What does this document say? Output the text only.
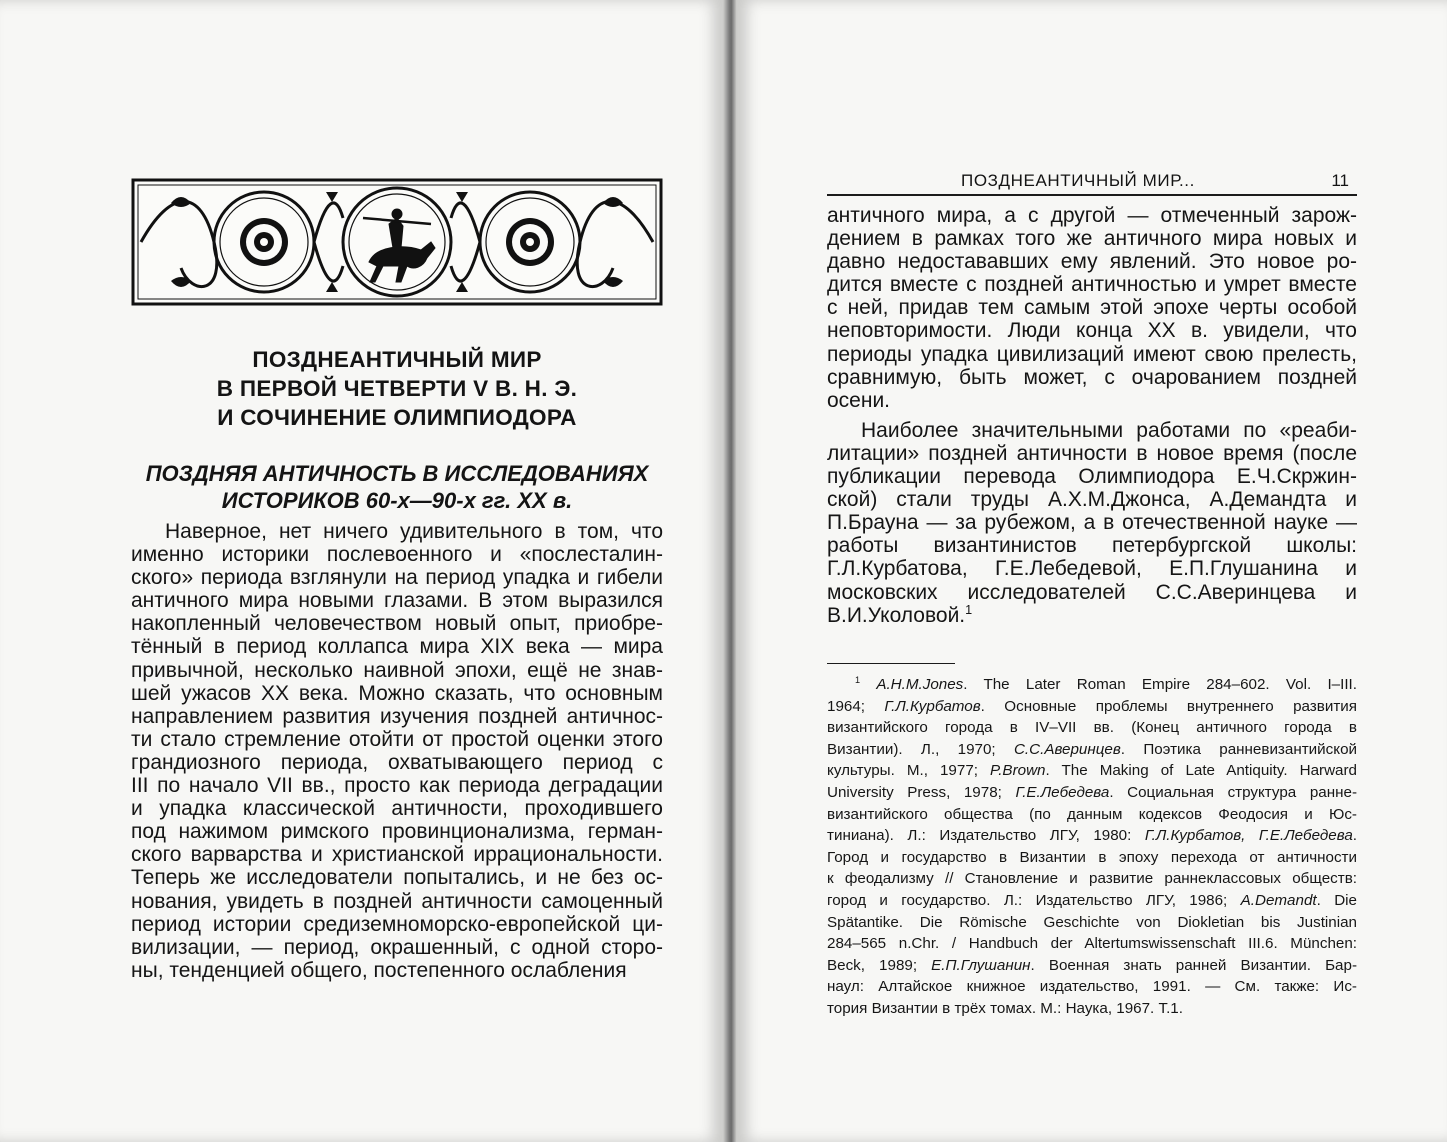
ПОЗДНЕАНТИЧНЫЙ МИР
В ПЕРВОЙ ЧЕТВЕРТИ V В. Н. Э.
И СОЧИНЕНИЕ ОЛИМПИОДОРА
ПОЗДНЯЯ АНТИЧНОСТЬ В ИССЛЕДОВАНИЯХ
ИСТОРИКОВ 60-х—90-х гг. ХХ в.

Наверное, нет ничего удивительного в том, что
именно историки послевоенного и «послесталин-
ского» периода взглянули на период упадка и гибели
античного мира новыми глазами. В этом выразился
накопленный человечеством новый опыт, приобре-
тённый в период коллапса мира XIX века — мира
привычной, несколько наивной эпохи, ещё не знав-
шей ужасов ХХ века. Можно сказать, что основным
направлением развития изучения поздней античнос-
ти стало стремление отойти от простой оценки этого
грандиозного периода, охватывающего период с
III по начало VII вв., просто как периода деградации
и упадка классической античности, проходившего
под нажимом римского провинционализма, герман-
ского варварства и христианской иррациональности.
Теперь же исследователи попытались, и не без ос-
нования, увидеть в поздней античности самоценный
период истории средиземноморско-европейской ци-
вилизации, — период, окрашенный, с одной сторо-
ны, тенденцией общего, постепенного ослабления

ПОЗДНЕАНТИЧНЫЙ МИР...	11

античного мира, а с другой — отмеченный зарож-
дением в рамках того же античного мира новых и
давно недостававших ему явлений. Это новое ро-
дится вместе с поздней античностью и умрет вместе
с ней, придав тем самым этой эпохе черты особой
неповторимости. Люди конца ХХ в. увидели, что
периоды упадка цивилизаций имеют свою прелесть,
сравнимую, быть может, с очарованием поздней
осени.

Наиболее значительными работами по «реаби-
литации» поздней античности в новое время (после
публикации перевода Олимпиодора Е.Ч.Скржин-
ской) стали труды А.Х.М.Джонса, А.Демандта и
П.Брауна — за рубежом, а в отечественной науке —
работы византинистов петербургской школы:
Г.Л.Курбатова, Г.Е.Лебедевой, Е.П.Глушанина и
московских исследователей С.С.Аверинцева и
В.И.Уколовой.$^1$

$^1$ A.H.M.Jones. The Later Roman Empire 284–602. Vol. I–III.
1964; Г.Л.Курбатов. Основные проблемы внутреннего развития
византийского города в IV–VII вв. (Конец античного города в
Византии). Л., 1970; С.С.Аверинцев. Поэтика ранневизантийской
культуры. М., 1977; P.Brown. The Making of Late Antiquity. Harward
University Press, 1978; Г.Е.Лебедева. Социальная структура ранне-
византийского общества (по данным кодексов Феодосия и Юс-
тиниана). Л.: Издательство ЛГУ, 1980: Г.Л.Курбатов, Г.Е.Лебедева.
Город и государство в Византии в эпоху перехода от античности
к феодализму // Становление и развитие раннеклассовых обществ:
город и государство. Л.: Издательство ЛГУ, 1986; A.Demandt. Die
Spätantike. Die Römische Geschichte von Diokletian bis Justinian
284–565 n.Chr. / Handbuch der Altertumswissenschaft III.6. München:
Beck, 1989; Е.П.Глушанин. Военная знать ранней Византии. Бар-
наул: Алтайское книжное издательство, 1991. — См. также: Ис-
тория Византии в трёх томах. М.: Наука, 1967. Т.1.
